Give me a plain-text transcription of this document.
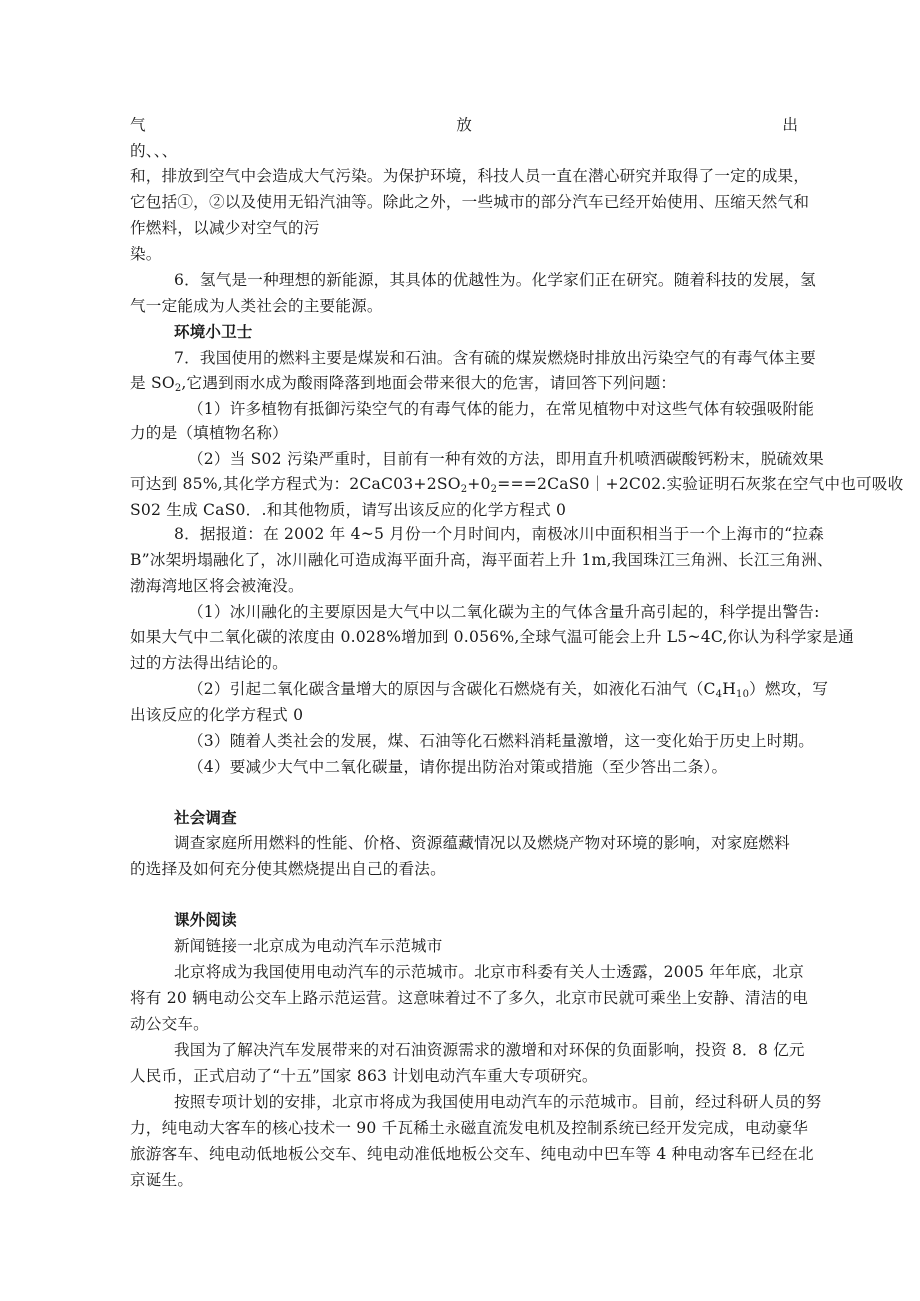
气	放	出
的、、、
和，排放到空气中会造成大气污染。为保护环境，科技人员一直在潜心研究并取得了一定的成果，
它包括①，②以及使用无铅汽油等。除此之外，一些城市的部分汽车已经开始使用、压缩天然气和
作燃料，以减少对空气的污
染。
6．氢气是一种理想的新能源，其具体的优越性为。化学家们正在研究。随着科技的发展，氢
气一定能成为人类社会的主要能源。
环境小卫士
7．我国使用的燃料主要是煤炭和石油。含有硫的煤炭燃烧时排放出污染空气的有毒气体主要
是 $SO_2$,它遇到雨水成为酸雨降落到地面会带来很大的危害，请回答下列问题：
（1）许多植物有抵御污染空气的有毒气体的能力，在常见植物中对这些气体有较强吸附能
力的是（填植物名称）
（2）当 S02 污染严重时，目前有一种有效的方法，即用直升机喷洒碳酸钙粉末，脱硫效果
可达到 85%,其化学方程式为：$2CaC03+2SO_2+0_2===2CaS0|+2C02$.实验证明石灰浆在空气中也可吸收
S02 生成 CaS0．.和其他物质，请写出该反应的化学方程式 0
8．据报道：在 2002 年 4~5 月份一个月时间内，南极冰川中面积相当于一个上海市的“拉森
B”冰架坍塌融化了，冰川融化可造成海平面升高，海平面若上升 1m,我国珠江三角洲、长江三角洲、
渤海湾地区将会被淹没。
（1）冰川融化的主要原因是大气中以二氧化碳为主的气体含量升高引起的，科学提出警告:
如果大气中二氧化碳的浓度由 0.028%增加到 0.056%,全球气温可能会上升 L5~4C,你认为科学家是通
过的方法得出结论的。
（2）引起二氧化碳含量增大的原因与含碳化石燃烧有关，如液化石油气$(C_4H_{10})$燃攻，写
出该反应的化学方程式 0
（3）随着人类社会的发展，煤、石油等化石燃料消耗量激增，这一变化始于历史上时期。
（4）要减少大气中二氧化碳量，请你提出防治对策或措施（至少答出二条）。
社会调查
调查家庭所用燃料的性能、价格、资源蕴藏情况以及燃烧产物对环境的影响，对家庭燃料
的选择及如何充分使其燃烧提出自己的看法。
课外阅读
新闻链接一北京成为电动汽车示范城市
北京将成为我国使用电动汽车的示范城市。北京市科委有关人士透露，2005 年年底，北京
将有 20 辆电动公交车上路示范运营。这意味着过不了多久，北京市民就可乘坐上安静、清洁的电
动公交车。
我国为了解决汽车发展带来的对石油资源需求的激增和对环保的负面影响，投资 8．8 亿元
人民币，正式启动了“十五”国家 863 计划电动汽车重大专项研究。
按照专项计划的安排，北京市将成为我国使用电动汽车的示范城市。目前，经过科研人员的努
力，纯电动大客车的核心技术一 90 千瓦稀土永磁直流发电机及控制系统已经开发完成，电动豪华
旅游客车、纯电动低地板公交车、纯电动准低地板公交车、纯电动中巴车等 4 种电动客车已经在北
京诞生。
